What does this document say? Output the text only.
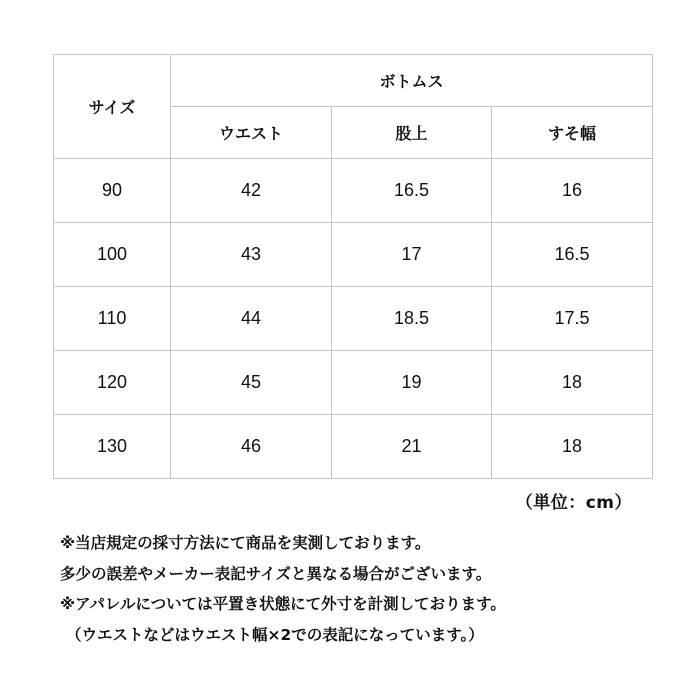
サイズ	ボトムス		
	ウエスト	股上	すそ幅
90	42	16.5	16
100	43	17	16.5
110	44	18.5	17.5
120	45	19	18
130	46	21	18
（単位：cm）
※当店規定の採寸方法にて商品を実測しております。
多少の誤差やメーカー表記サイズと異なる場合がございます。
※アパレルについては平置き状態にて外寸を計測しております。
（ウエストなどはウエスト幅×2での表記になっています。）
